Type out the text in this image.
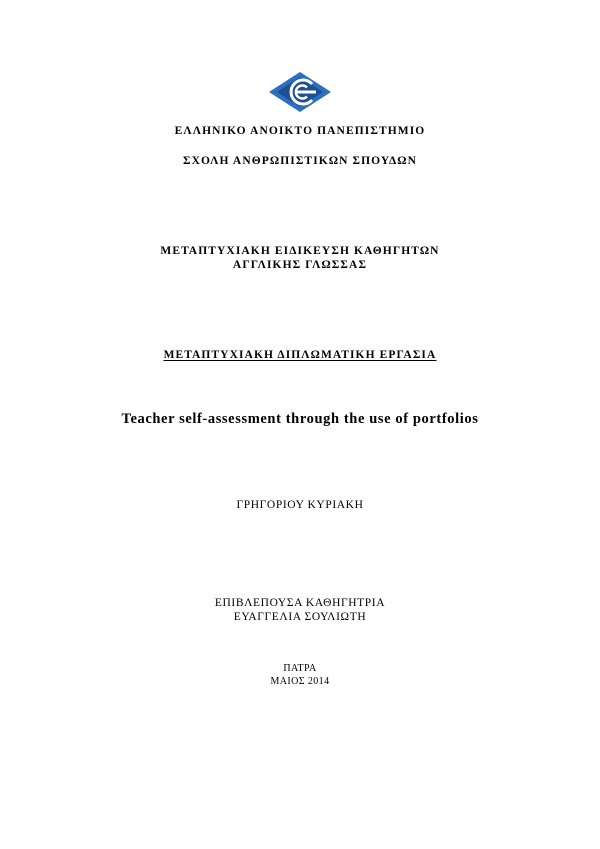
ΕΛΛΗΝΙΚΟ ΑΝΟΙΚΤΟ ΠΑΝΕΠΙΣΤΗΜΙΟ
ΣΧΟΛΗ ΑΝΘΡΩΠΙΣΤΙΚΩΝ ΣΠΟΥΔΩΝ
ΜΕΤΑΠΤΥΧΙΑΚΗ ΕΙΔΙΚΕΥΣΗ ΚΑΘΗΓΗΤΩΝ
ΑΓΓΛΙΚΗΣ ΓΛΩΣΣΑΣ
ΜΕΤΑΠΤΥΧΙΑΚΗ ΔΙΠΛΩΜΑΤΙΚΗ ΕΡΓΑΣΙΑ
Teacher self-assessment through the use of portfolios
ΓΡΗΓΟΡΙΟΥ ΚΥΡΙΑΚΗ
ΕΠΙΒΛΕΠΟΥΣΑ ΚΑΘΗΓΗΤΡΙΑ
ΕΥΑΓΓΕΛΙΑ ΣΟΥΛΙΩΤΗ
ΠΑΤΡΑ
ΜΑΙΟΣ 2014
